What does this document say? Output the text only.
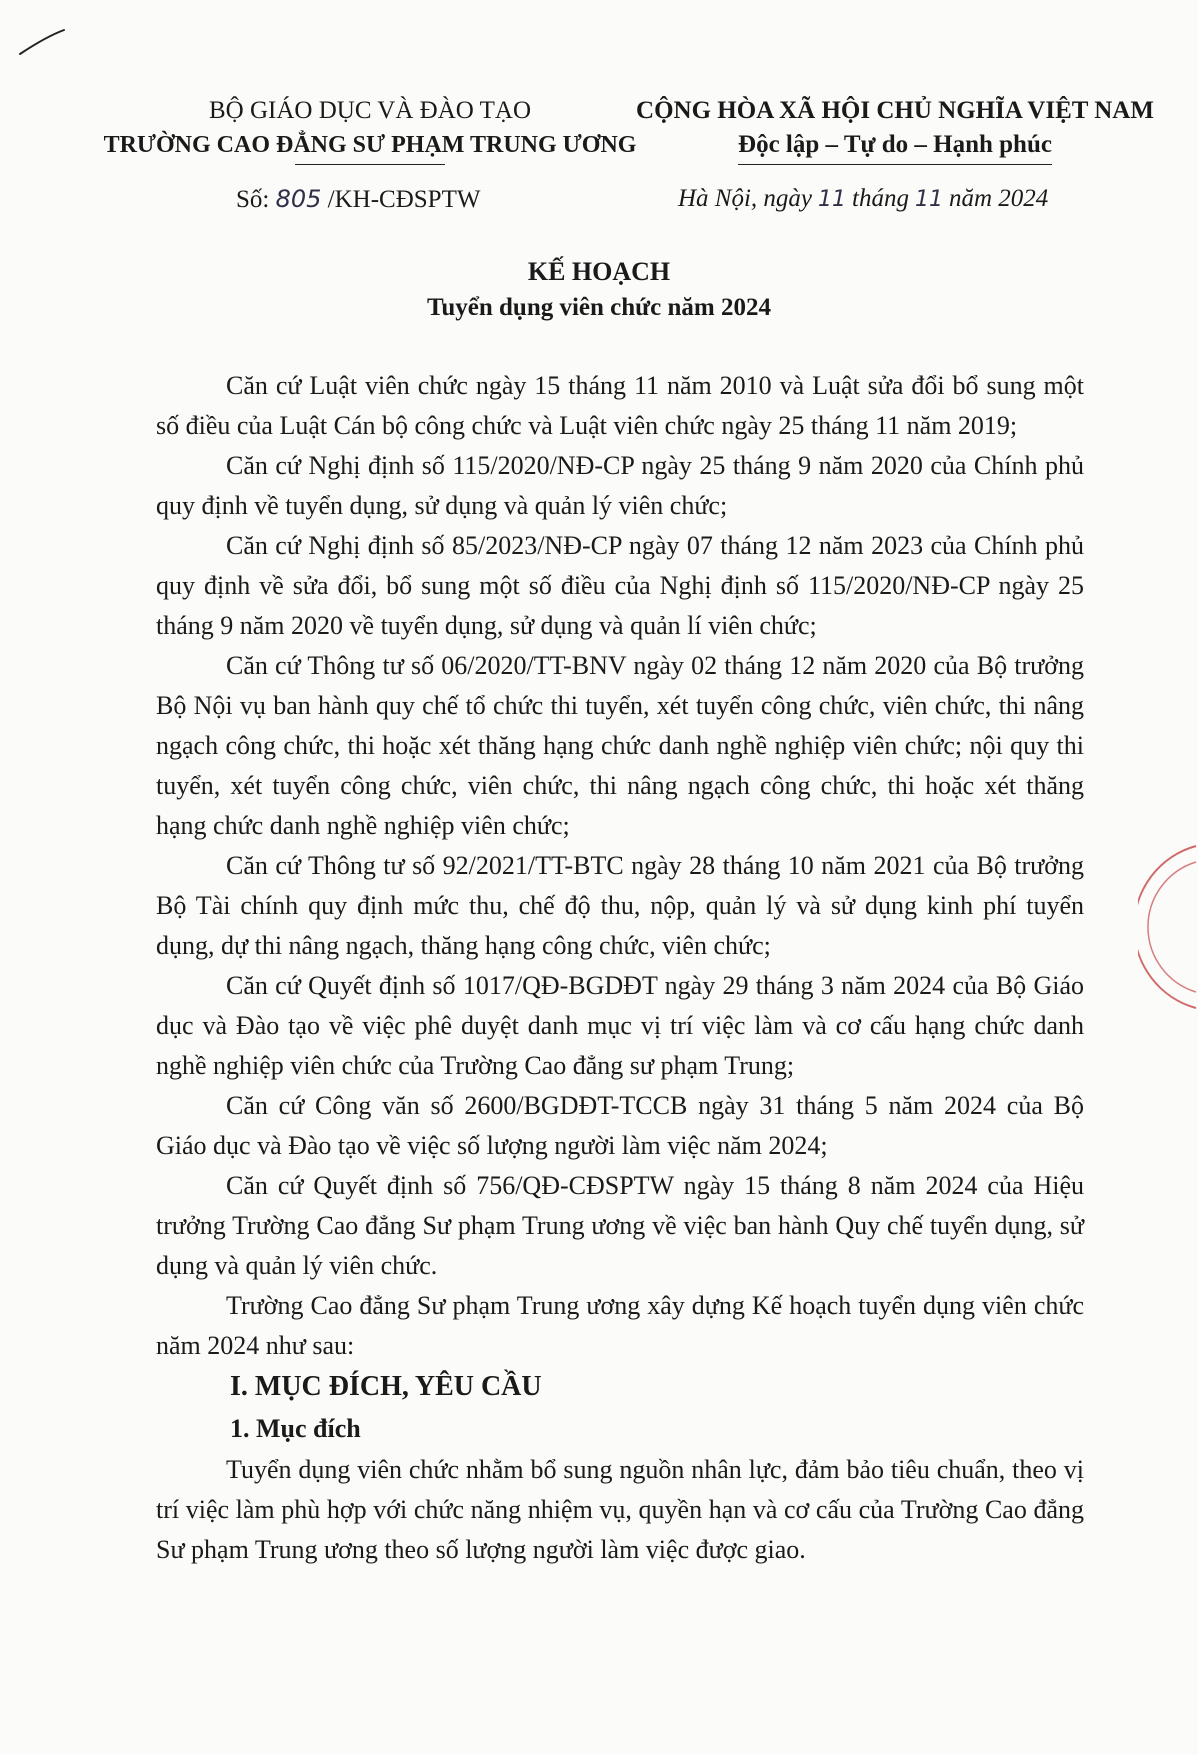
BỘ GIÁO DỤC VÀ ĐÀO TẠO
TRƯỜNG CAO ĐẲNG SƯ PHẠM TRUNG ƯƠNG
CỘNG HÒA XÃ HỘI CHỦ NGHĨA VIỆT NAM
Độc lập – Tự do – Hạnh phúc
Số: 805 /KH-CĐSPTW	Hà Nội, ngày 11 tháng 11 năm 2024
KẾ HOẠCH
Tuyển dụng viên chức năm 2024

Căn cứ Luật viên chức ngày 15 tháng 11 năm 2010 và Luật sửa đổi bổ sung một số điều của Luật Cán bộ công chức và Luật viên chức ngày 25 tháng 11 năm 2019;

Căn cứ Nghị định số 115/2020/NĐ-CP ngày 25 tháng 9 năm 2020 của Chính phủ quy định về tuyển dụng, sử dụng và quản lý viên chức;

Căn cứ Nghị định số 85/2023/NĐ-CP ngày 07 tháng 12 năm 2023 của Chính phủ quy định về sửa đổi, bổ sung một số điều của Nghị định số 115/2020/NĐ-CP ngày 25 tháng 9 năm 2020 về tuyển dụng, sử dụng và quản lí viên chức;

Căn cứ Thông tư số 06/2020/TT-BNV ngày 02 tháng 12 năm 2020 của Bộ trưởng Bộ Nội vụ ban hành quy chế tổ chức thi tuyển, xét tuyển công chức, viên chức, thi nâng ngạch công chức, thi hoặc xét thăng hạng chức danh nghề nghiệp viên chức; nội quy thi tuyển, xét tuyển công chức, viên chức, thi nâng ngạch công chức, thi hoặc xét thăng hạng chức danh nghề nghiệp viên chức;

Căn cứ Thông tư số 92/2021/TT-BTC ngày 28 tháng 10 năm 2021 của Bộ trưởng Bộ Tài chính quy định mức thu, chế độ thu, nộp, quản lý và sử dụng kinh phí tuyển dụng, dự thi nâng ngạch, thăng hạng công chức, viên chức;

Căn cứ Quyết định số 1017/QĐ-BGDĐT ngày 29 tháng 3 năm 2024 của Bộ Giáo dục và Đào tạo về việc phê duyệt danh mục vị trí việc làm và cơ cấu hạng chức danh nghề nghiệp viên chức của Trường Cao đẳng sư phạm Trung;

Căn cứ Công văn số 2600/BGDĐT-TCCB ngày 31 tháng 5 năm 2024 của Bộ Giáo dục và Đào tạo về việc số lượng người làm việc năm 2024;

Căn cứ Quyết định số 756/QĐ-CĐSPTW ngày 15 tháng 8 năm 2024 của Hiệu trưởng Trường Cao đẳng Sư phạm Trung ương về việc ban hành Quy chế tuyển dụng, sử dụng và quản lý viên chức.

Trường Cao đẳng Sư phạm Trung ương xây dựng Kế hoạch tuyển dụng viên chức năm 2024 như sau:

I. MỤC ĐÍCH, YÊU CẦU
1. Mục đích

Tuyển dụng viên chức nhằm bổ sung nguồn nhân lực, đảm bảo tiêu chuẩn, theo vị trí việc làm phù hợp với chức năng nhiệm vụ, quyền hạn và cơ cấu của Trường Cao đẳng Sư phạm Trung ương theo số lượng người làm việc được giao.
